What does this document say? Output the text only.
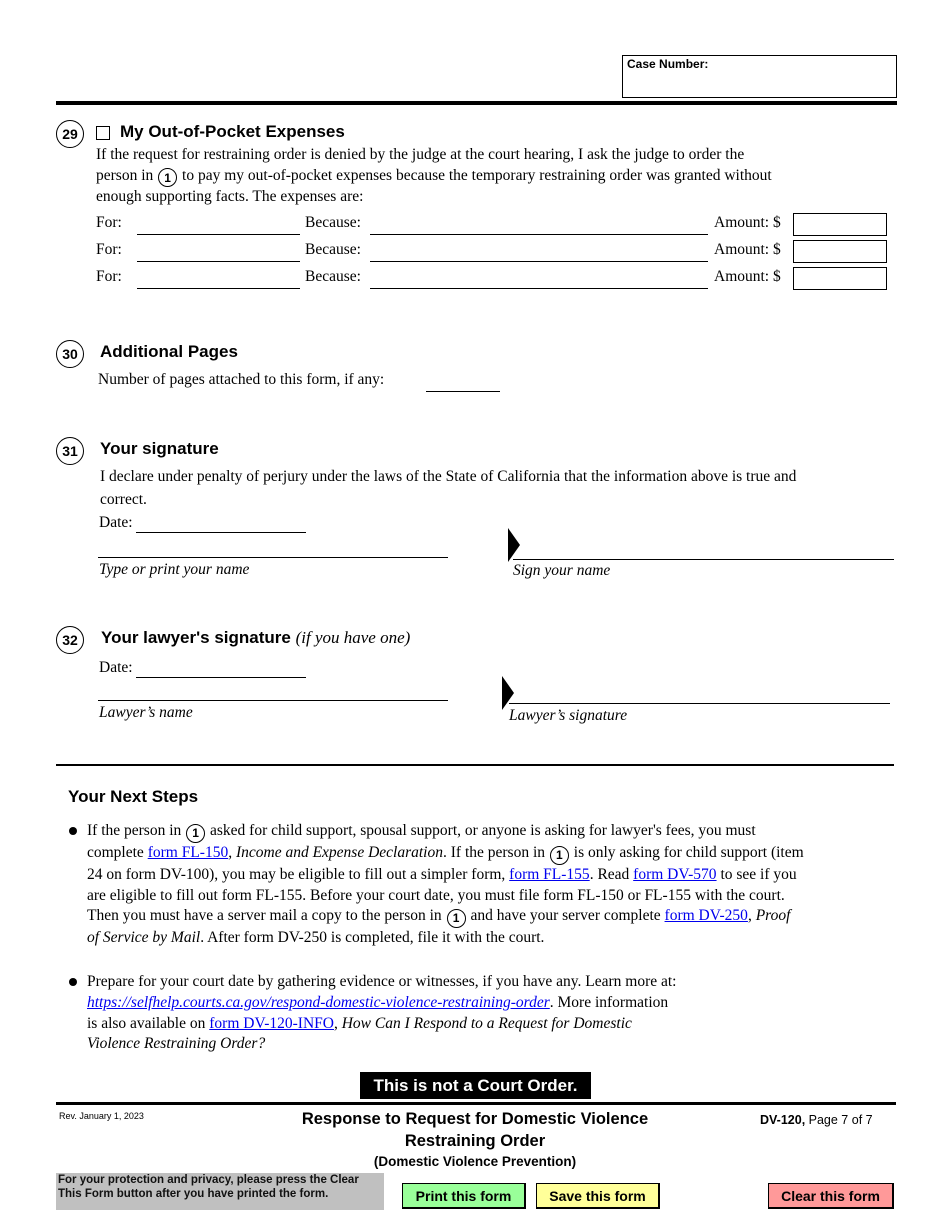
Case Number:
29	My Out-of-Pocket Expenses
If the request for restraining order is denied by the judge at the court hearing, I ask the judge to order the
person in 1 to pay my out-of-pocket expenses because the temporary restraining order was granted without
enough supporting facts. The expenses are:
For:	Because:	Amount: $
For:	Because:	Amount: $
For:	Because:	Amount: $
30	Additional Pages
Number of pages attached to this form, if any:
31	Your signature
I declare under penalty of perjury under the laws of the State of California that the information above is true and
correct.
Date:
Type or print your name	Sign your name
32	Your lawyer's signature (if you have one)
Date:
Lawyer’s name	Lawyer’s signature
Your Next Steps
If the person in 1 asked for child support, spousal support, or anyone is asking for lawyer's fees, you must
complete form FL-150, Income and Expense Declaration. If the person in 1 is only asking for child support (item
24 on form DV-100), you may be eligible to fill out a simpler form, form FL-155. Read form DV-570 to see if you
are eligible to fill out form FL-155. Before your court date, you must file form FL-150 or FL-155 with the court.
Then you must have a server mail a copy to the person in 1 and have your server complete form DV-250, Proof
of Service by Mail. After form DV-250 is completed, file it with the court.
Prepare for your court date by gathering evidence or witnesses, if you have any. Learn more at:
https://selfhelp.courts.ca.gov/respond-domestic-violence-restraining-order. More information
is also available on form DV-120-INFO, How Can I Respond to a Request for Domestic
Violence Restraining Order?
This is not a Court Order.
Rev. January 1, 2023	Response to Request for Domestic Violence
Restraining Order
(Domestic Violence Prevention)
DV-120, Page 7 of 7
For your protection and privacy, please press the Clear This Form button after you have printed the form.	Print this form	Save this form	Clear this form
